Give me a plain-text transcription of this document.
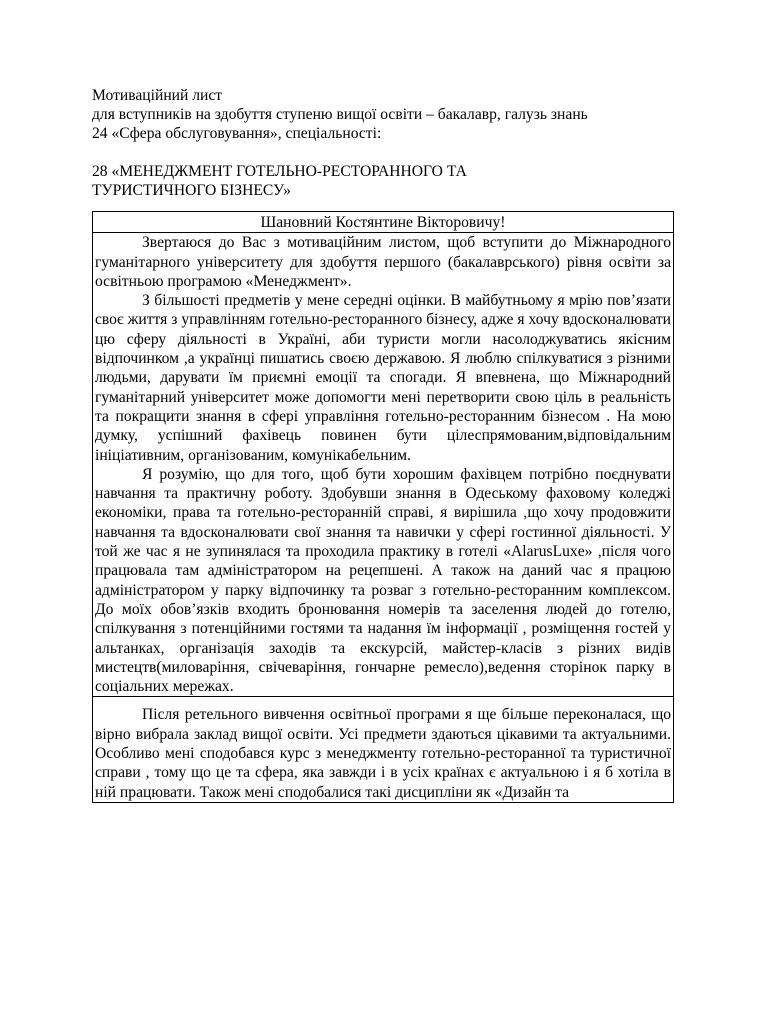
Мотиваційний лист

для вступників на здобуття ступеню вищої освіти – бакалавр, галузь знань

24 «Сфера обслуговування», спеціальності:

28 «МЕНЕДЖМЕНТ ГОТЕЛЬНО-РЕСТОРАННОГО ТА

ТУРИСТИЧНОГО БІЗНЕСУ»

Шановний Костянтине Вікторовичу!

Звертаюся до Вас з мотиваційним листом, щоб вступити до Міжнародного гуманітарного університету для здобуття першого (бакалаврського) рівня освіти за освітньою програмою «Менеджмент».

З більшості предметів у мене середні оцінки. В майбутньому я мрію пов’язати своє життя з управлінням готельно-ресторанного бізнесу, адже я хочу вдосконалювати цю сферу діяльності в Україні, аби туристи могли насолоджуватись якісним відпочинком ,а українці пишатись своєю державою. Я люблю спілкуватися з різними людьми, дарувати їм приємні емоції та спогади. Я впевнена, що Міжнародний гуманітарний університет може допомогти мені перетворити свою ціль в реальність та покращити знання в сфері управління готельно-ресторанним бізнесом . На мою думку, успішний фахівець повинен бути цілеспрямованим,відповідальним ініціативним, організованим, комунікабельним.

Я розумію, що для того, щоб бути хорошим фахівцем потрібно поєднувати навчання та практичну роботу. Здобувши знання в Одеському фаховому коледжі економіки, права та готельно-ресторанній справі, я вирішила ,що хочу продовжити навчання та вдосконалювати свої знання та навички у сфері гостинної діяльності. У той же час я не зупинялася та проходила практику в готелі «AlarusLuxe» ,після чого працювала там адміністратором на рецепшені. А також на даний час я працюю адміністратором у парку відпочинку та розваг з готельно-ресторанним комплексом. До моїх обов’язків входить бронювання номерів та заселення людей до готелю, спілкування з потенційними гостями та надання їм інформації , розміщення гостей у альтанках, організація заходів та екскурсій, майстер-класів з різних видів мистецтв(миловаріння, свічеваріння, гончарне ремесло),ведення сторінок парку в соціальних мережах.

Після ретельного вивчення освітньої програми я ще більше переконалася, що вірно вибрала заклад вищої освіти. Усі предмети здаються цікавими та актуальними. Особливо мені сподобався курс з менеджменту готельно-ресторанної та туристичної справи , тому що це та сфера, яка завжди і в усіх країнах є актуальною і я б хотіла в ній працювати. Також мені сподобалися такі дисципліни як «Дизайн та
